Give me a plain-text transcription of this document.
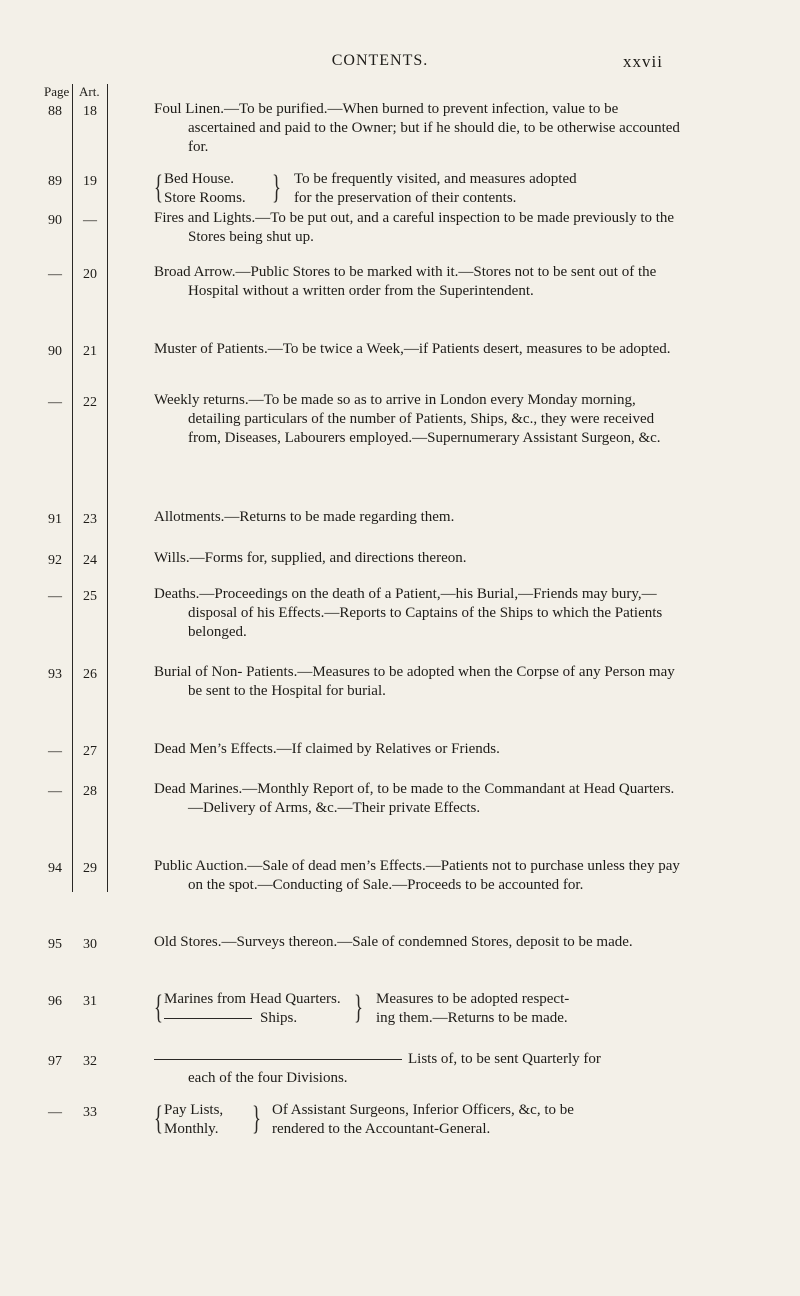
CONTENTS.	xxvii
Page Art.
88	18	Foul Linen.—To be purified.—When burned to prevent infection, value to be ascertained and paid to the Owner; but if he should die, to be otherwise accounted for.

89	19 { Bed House.
Store Rooms. } To be frequently visited, and measures adopted
for the preservation of their contents.
90	—	Fires and Lights.—To be put out, and a careful inspection to be made previously to the Stores being shut up.

—	20	Broad Arrow.—Public Stores to be marked with it.—Stores not to be sent out of the Hospital without a written order from the Superintendent.

90	21	Muster of Patients.—To be twice a Week,—if Patients desert, measures to be adopted.

—	22	Weekly returns.—To be made so as to arrive in London every Monday morning, detailing particulars of the number of Patients, Ships, &c., they were received from, Diseases, Labourers employed.—Supernumerary Assistant Surgeon, &c.

91	23	Allotments.—Returns to be made regarding them.

92	24	Wills.—Forms for, supplied, and directions thereon.

—	25	Deaths.—Proceedings on the death of a Patient,—his Burial,—Friends may bury,—disposal of his Effects.—Reports to Captains of the Ships to which the Patients belonged.

93	26	Burial of Non- Patients.—Measures to be adopted when the Corpse of any Person may be sent to the Hospital for burial.

—	27	Dead Men’s Effects.—If claimed by Relatives or Friends.

—	28	Dead Marines.—Monthly Report of, to be made to the Commandant at Head Quarters.—Delivery of Arms, &c.—Their private Effects.

94	29	Public Auction.—Sale of dead men’s Effects.—Patients not to purchase unless they pay on the spot.—Conducting of Sale.—Proceeds to be accounted for.

95	30	Old Stores.—Surveys thereon.—Sale of condemned Stores, deposit to be made.

96	31 { Marines from Head Quarters.
Ships. } Measures to be adopted respect-
ing them.—Returns to be made.
97	32	Lists of, to be sent Quarterly for
each of the four Divisions.
—	33 { Pay Lists,
Monthly. } Of Assistant Surgeons, Inferior Officers, &c, to be
rendered to the Accountant-General.
